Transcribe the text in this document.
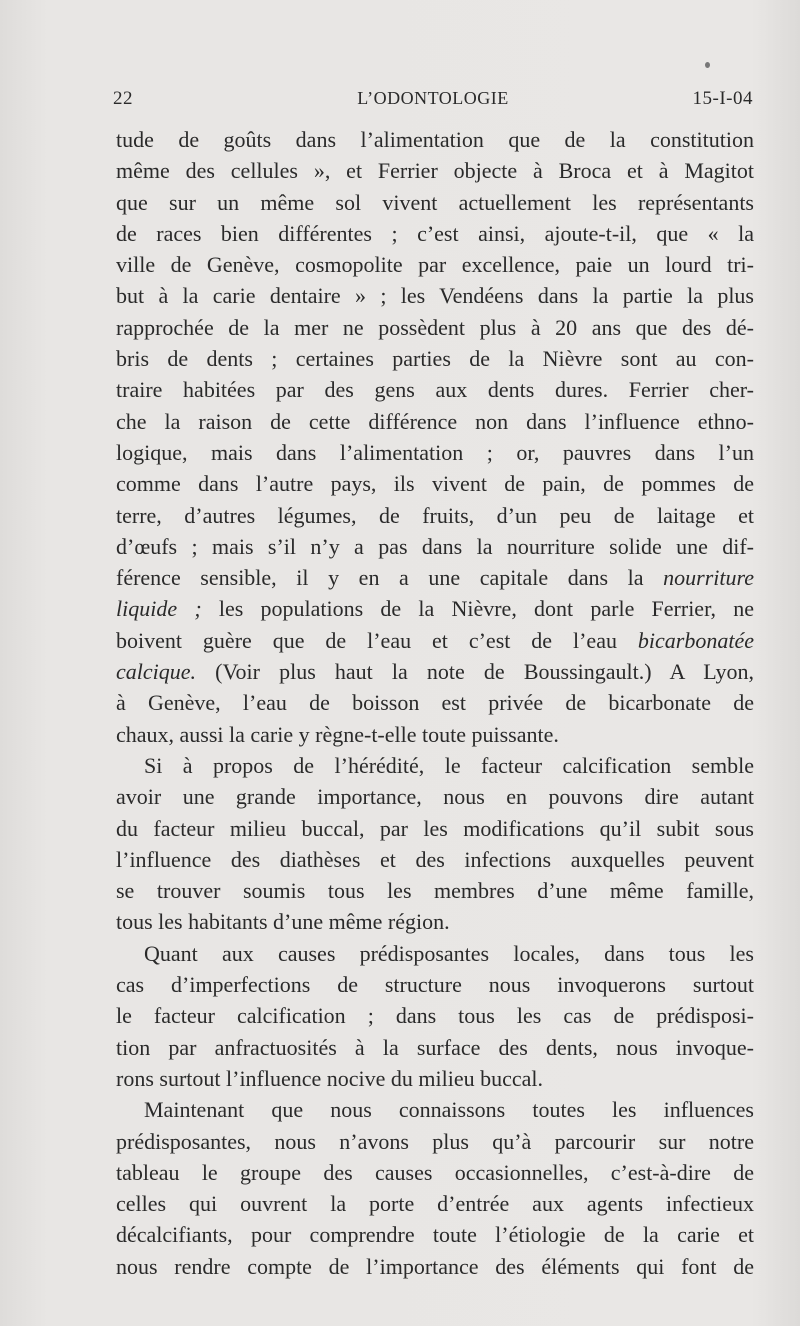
L’ODONTOLOGIE
22	15-I-04
tude de goûts dans l’alimentation que de la constitution
même des cellules », et Ferrier objecte à Broca et à Magitot
que sur un même sol vivent actuellement les représentants
de races bien différentes ; c’est ainsi, ajoute-t-il, que « la
ville de Genève, cosmopolite par excellence, paie un lourd tri-
but à la carie dentaire » ; les Vendéens dans la partie la plus
rapprochée de la mer ne possèdent plus à 20 ans que des dé-
bris de dents ; certaines parties de la Nièvre sont au con-
traire habitées par des gens aux dents dures. Ferrier cher-
che la raison de cette différence non dans l’influence ethno-
logique, mais dans l’alimentation ; or, pauvres dans l’un
comme dans l’autre pays, ils vivent de pain, de pommes de
terre, d’autres légumes, de fruits, d’un peu de laitage et
d’œufs ; mais s’il n’y a pas dans la nourriture solide une dif-
férence sensible, il y en a une capitale dans la nourriture
liquide ; les populations de la Nièvre, dont parle Ferrier, ne
boivent guère que de l’eau et c’est de l’eau bicarbonatée
calcique. (Voir plus haut la note de Boussingault.) A Lyon,
à Genève, l’eau de boisson est privée de bicarbonate de
chaux, aussi la carie y règne-t-elle toute puissante.
Si à propos de l’hérédité, le facteur calcification semble
avoir une grande importance, nous en pouvons dire autant
du facteur milieu buccal, par les modifications qu’il subit sous
l’influence des diathèses et des infections auxquelles peuvent
se trouver soumis tous les membres d’une même famille,
tous les habitants d’une même région.
Quant aux causes prédisposantes locales, dans tous les
cas d’imperfections de structure nous invoquerons surtout
le facteur calcification ; dans tous les cas de prédisposi-
tion par anfractuosités à la surface des dents, nous invoque-
rons surtout l’influence nocive du milieu buccal.
Maintenant que nous connaissons toutes les influences
prédisposantes, nous n’avons plus qu’à parcourir sur notre
tableau le groupe des causes occasionnelles, c’est-à-dire de
celles qui ouvrent la porte d’entrée aux agents infectieux
décalcifiants, pour comprendre toute l’étiologie de la carie et
nous rendre compte de l’importance des éléments qui font de
